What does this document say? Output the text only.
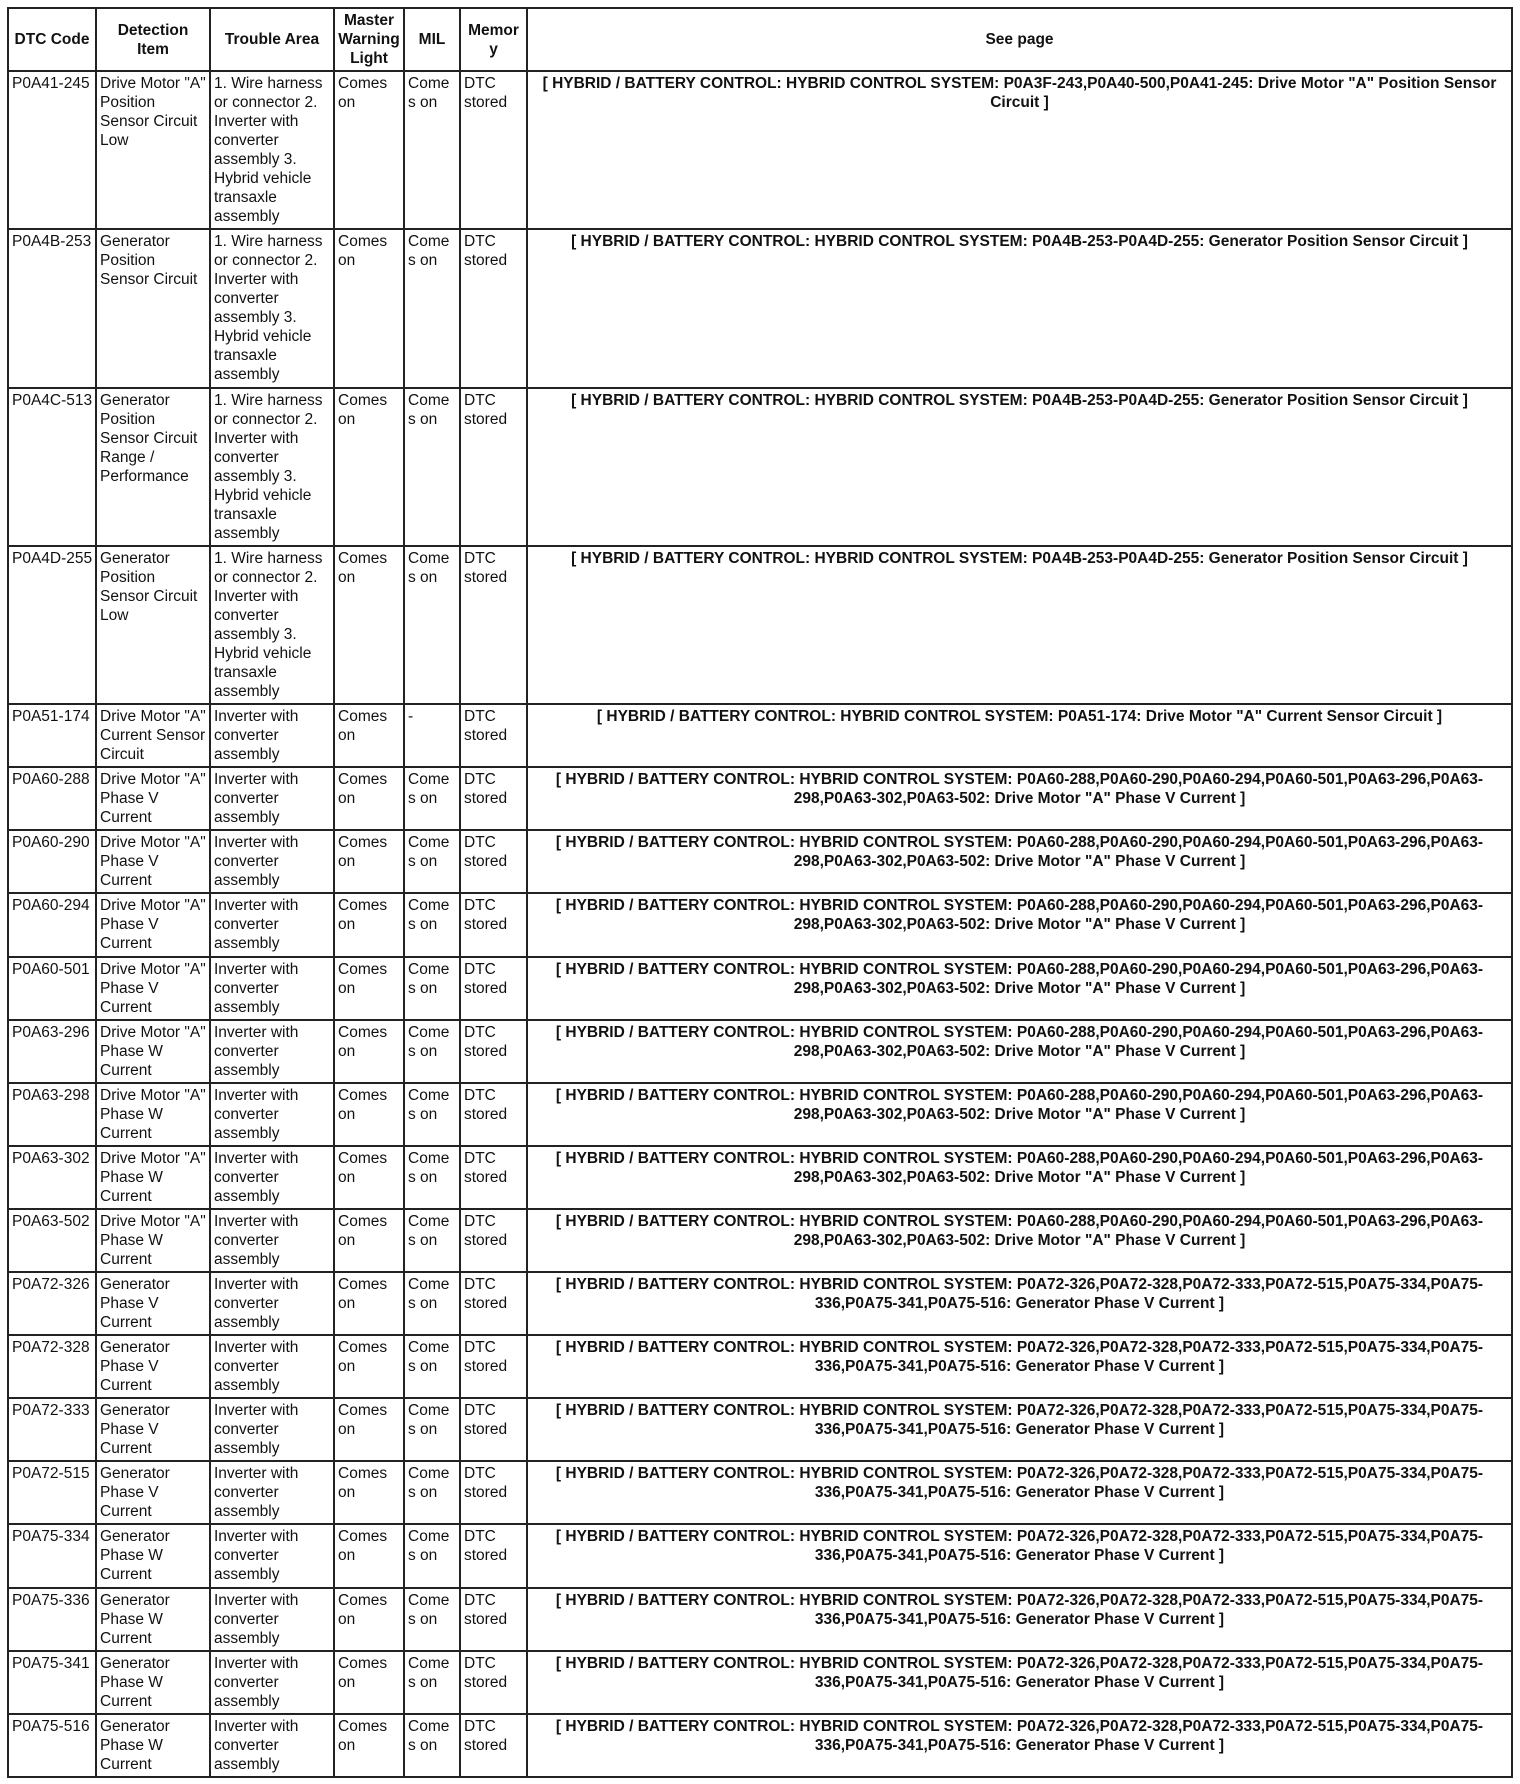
DTC Code	Detection Item	Trouble Area	Master Warning Light	MIL	Memory	See page
P0A41-245	Drive Motor "A" Position Sensor Circuit Low	1. Wire harness or connector 2. Inverter with converter assembly 3. Hybrid vehicle transaxle assembly	Comes on	Comes on	DTC stored	[ HYBRID / BATTERY CONTROL: HYBRID CONTROL SYSTEM: P0A3F-243,P0A40-500,P0A41-245: Drive Motor "A" Position Sensor Circuit ]
P0A4B-253	Generator Position Sensor Circuit	1. Wire harness or connector 2. Inverter with converter assembly 3. Hybrid vehicle transaxle assembly	Comes on	Comes on	DTC stored	[ HYBRID / BATTERY CONTROL: HYBRID CONTROL SYSTEM: P0A4B-253-P0A4D-255: Generator Position Sensor Circuit ]
P0A4C-513	Generator Position Sensor Circuit Range / Performance	1. Wire harness or connector 2. Inverter with converter assembly 3. Hybrid vehicle transaxle assembly	Comes on	Comes on	DTC stored	[ HYBRID / BATTERY CONTROL: HYBRID CONTROL SYSTEM: P0A4B-253-P0A4D-255: Generator Position Sensor Circuit ]
P0A4D-255	Generator Position Sensor Circuit Low	1. Wire harness or connector 2. Inverter with converter assembly 3. Hybrid vehicle transaxle assembly	Comes on	Comes on	DTC stored	[ HYBRID / BATTERY CONTROL: HYBRID CONTROL SYSTEM: P0A4B-253-P0A4D-255: Generator Position Sensor Circuit ]
P0A51-174	Drive Motor "A" Current Sensor Circuit	Inverter with converter assembly	Comes on	-	DTC stored	[ HYBRID / BATTERY CONTROL: HYBRID CONTROL SYSTEM: P0A51-174: Drive Motor "A" Current Sensor Circuit ]
P0A60-288	Drive Motor "A" Phase V Current	Inverter with converter assembly	Comes on	Comes on	DTC stored	[ HYBRID / BATTERY CONTROL: HYBRID CONTROL SYSTEM: P0A60-288,P0A60-290,P0A60-294,P0A60-501,P0A63-296,P0A63-298,P0A63-302,P0A63-502: Drive Motor "A" Phase V Current ]
P0A60-290	Drive Motor "A" Phase V Current	Inverter with converter assembly	Comes on	Comes on	DTC stored	[ HYBRID / BATTERY CONTROL: HYBRID CONTROL SYSTEM: P0A60-288,P0A60-290,P0A60-294,P0A60-501,P0A63-296,P0A63-298,P0A63-302,P0A63-502: Drive Motor "A" Phase V Current ]
P0A60-294	Drive Motor "A" Phase V Current	Inverter with converter assembly	Comes on	Comes on	DTC stored	[ HYBRID / BATTERY CONTROL: HYBRID CONTROL SYSTEM: P0A60-288,P0A60-290,P0A60-294,P0A60-501,P0A63-296,P0A63-298,P0A63-302,P0A63-502: Drive Motor "A" Phase V Current ]
P0A60-501	Drive Motor "A" Phase V Current	Inverter with converter assembly	Comes on	Comes on	DTC stored	[ HYBRID / BATTERY CONTROL: HYBRID CONTROL SYSTEM: P0A60-288,P0A60-290,P0A60-294,P0A60-501,P0A63-296,P0A63-298,P0A63-302,P0A63-502: Drive Motor "A" Phase V Current ]
P0A63-296	Drive Motor "A" Phase W Current	Inverter with converter assembly	Comes on	Comes on	DTC stored	[ HYBRID / BATTERY CONTROL: HYBRID CONTROL SYSTEM: P0A60-288,P0A60-290,P0A60-294,P0A60-501,P0A63-296,P0A63-298,P0A63-302,P0A63-502: Drive Motor "A" Phase V Current ]
P0A63-298	Drive Motor "A" Phase W Current	Inverter with converter assembly	Comes on	Comes on	DTC stored	[ HYBRID / BATTERY CONTROL: HYBRID CONTROL SYSTEM: P0A60-288,P0A60-290,P0A60-294,P0A60-501,P0A63-296,P0A63-298,P0A63-302,P0A63-502: Drive Motor "A" Phase V Current ]
P0A63-302	Drive Motor "A" Phase W Current	Inverter with converter assembly	Comes on	Comes on	DTC stored	[ HYBRID / BATTERY CONTROL: HYBRID CONTROL SYSTEM: P0A60-288,P0A60-290,P0A60-294,P0A60-501,P0A63-296,P0A63-298,P0A63-302,P0A63-502: Drive Motor "A" Phase V Current ]
P0A63-502	Drive Motor "A" Phase W Current	Inverter with converter assembly	Comes on	Comes on	DTC stored	[ HYBRID / BATTERY CONTROL: HYBRID CONTROL SYSTEM: P0A60-288,P0A60-290,P0A60-294,P0A60-501,P0A63-296,P0A63-298,P0A63-302,P0A63-502: Drive Motor "A" Phase V Current ]
P0A72-326	Generator Phase V Current	Inverter with converter assembly	Comes on	Comes on	DTC stored	[ HYBRID / BATTERY CONTROL: HYBRID CONTROL SYSTEM: P0A72-326,P0A72-328,P0A72-333,P0A72-515,P0A75-334,P0A75-336,P0A75-341,P0A75-516: Generator Phase V Current ]
P0A72-328	Generator Phase V Current	Inverter with converter assembly	Comes on	Comes on	DTC stored	[ HYBRID / BATTERY CONTROL: HYBRID CONTROL SYSTEM: P0A72-326,P0A72-328,P0A72-333,P0A72-515,P0A75-334,P0A75-336,P0A75-341,P0A75-516: Generator Phase V Current ]
P0A72-333	Generator Phase V Current	Inverter with converter assembly	Comes on	Comes on	DTC stored	[ HYBRID / BATTERY CONTROL: HYBRID CONTROL SYSTEM: P0A72-326,P0A72-328,P0A72-333,P0A72-515,P0A75-334,P0A75-336,P0A75-341,P0A75-516: Generator Phase V Current ]
P0A72-515	Generator Phase V Current	Inverter with converter assembly	Comes on	Comes on	DTC stored	[ HYBRID / BATTERY CONTROL: HYBRID CONTROL SYSTEM: P0A72-326,P0A72-328,P0A72-333,P0A72-515,P0A75-334,P0A75-336,P0A75-341,P0A75-516: Generator Phase V Current ]
P0A75-334	Generator Phase W Current	Inverter with converter assembly	Comes on	Comes on	DTC stored	[ HYBRID / BATTERY CONTROL: HYBRID CONTROL SYSTEM: P0A72-326,P0A72-328,P0A72-333,P0A72-515,P0A75-334,P0A75-336,P0A75-341,P0A75-516: Generator Phase V Current ]
P0A75-336	Generator Phase W Current	Inverter with converter assembly	Comes on	Comes on	DTC stored	[ HYBRID / BATTERY CONTROL: HYBRID CONTROL SYSTEM: P0A72-326,P0A72-328,P0A72-333,P0A72-515,P0A75-334,P0A75-336,P0A75-341,P0A75-516: Generator Phase V Current ]
P0A75-341	Generator Phase W Current	Inverter with converter assembly	Comes on	Comes on	DTC stored	[ HYBRID / BATTERY CONTROL: HYBRID CONTROL SYSTEM: P0A72-326,P0A72-328,P0A72-333,P0A72-515,P0A75-334,P0A75-336,P0A75-341,P0A75-516: Generator Phase V Current ]
P0A75-516	Generator Phase W Current	Inverter with converter assembly	Comes on	Comes on	DTC stored	[ HYBRID / BATTERY CONTROL: HYBRID CONTROL SYSTEM: P0A72-326,P0A72-328,P0A72-333,P0A72-515,P0A75-334,P0A75-336,P0A75-341,P0A75-516: Generator Phase V Current ]
